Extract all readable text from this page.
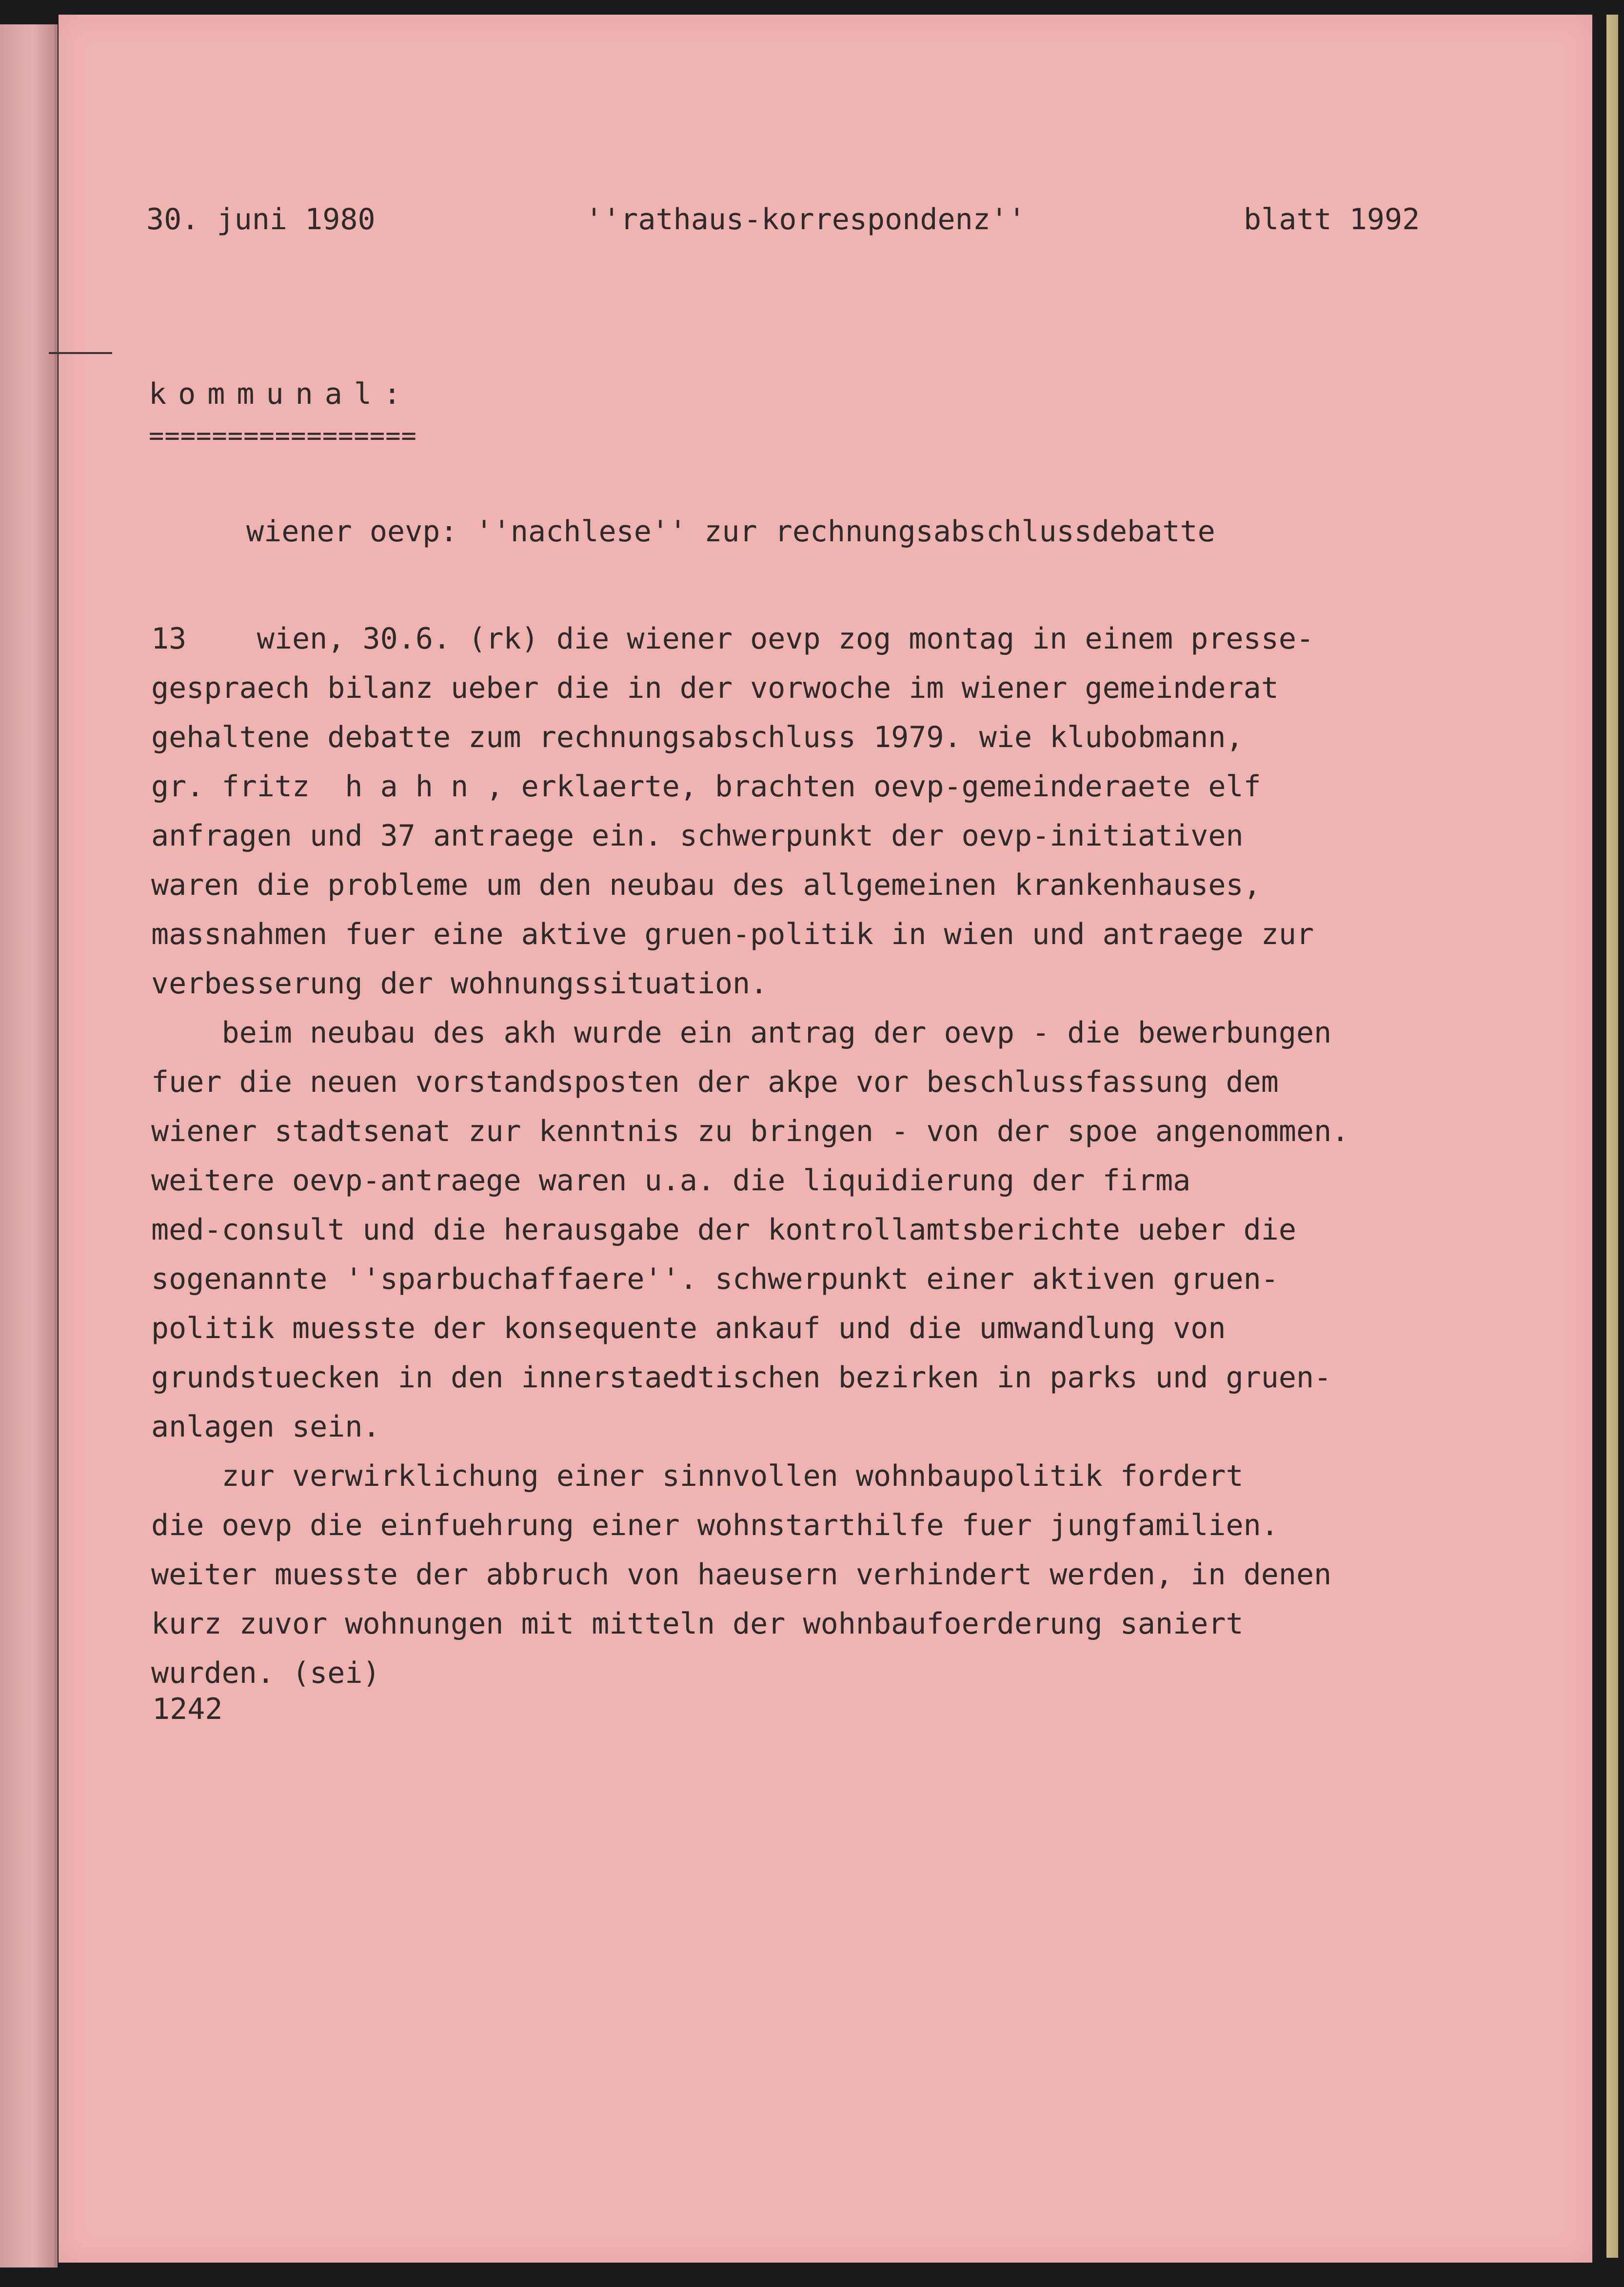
30. juni 1980	''rathaus-korrespondenz''	blatt 1992
kommunal:
=================
wiener oevp: ''nachlese'' zur rechnungsabschlussdebatte
13    wien, 30.6. (rk) die wiener oevp zog montag in einem presse-
gespraech bilanz ueber die in der vorwoche im wiener gemeinderat
gehaltene debatte zum rechnungsabschluss 1979. wie klubobmann,
gr. fritz  h a h n , erklaerte, brachten oevp-gemeinderaete elf
anfragen und 37 antraege ein. schwerpunkt der oevp-initiativen
waren die probleme um den neubau des allgemeinen krankenhauses,
massnahmen fuer eine aktive gruen-politik in wien und antraege zur
verbesserung der wohnungssituation.
beim neubau des akh wurde ein antrag der oevp - die bewerbungen
fuer die neuen vorstandsposten der akpe vor beschlussfassung dem
wiener stadtsenat zur kenntnis zu bringen - von der spoe angenommen.
weitere oevp-antraege waren u.a. die liquidierung der firma
med-consult und die herausgabe der kontrollamtsberichte ueber die
sogenannte ''sparbuchaffaere''. schwerpunkt einer aktiven gruen-
politik muesste der konsequente ankauf und die umwandlung von
grundstuecken in den innerstaedtischen bezirken in parks und gruen-
anlagen sein.
zur verwirklichung einer sinnvollen wohnbaupolitik fordert
die oevp die einfuehrung einer wohnstarthilfe fuer jungfamilien.
weiter muesste der abbruch von haeusern verhindert werden, in denen
kurz zuvor wohnungen mit mitteln der wohnbaufoerderung saniert
wurden. (sei)
1242
